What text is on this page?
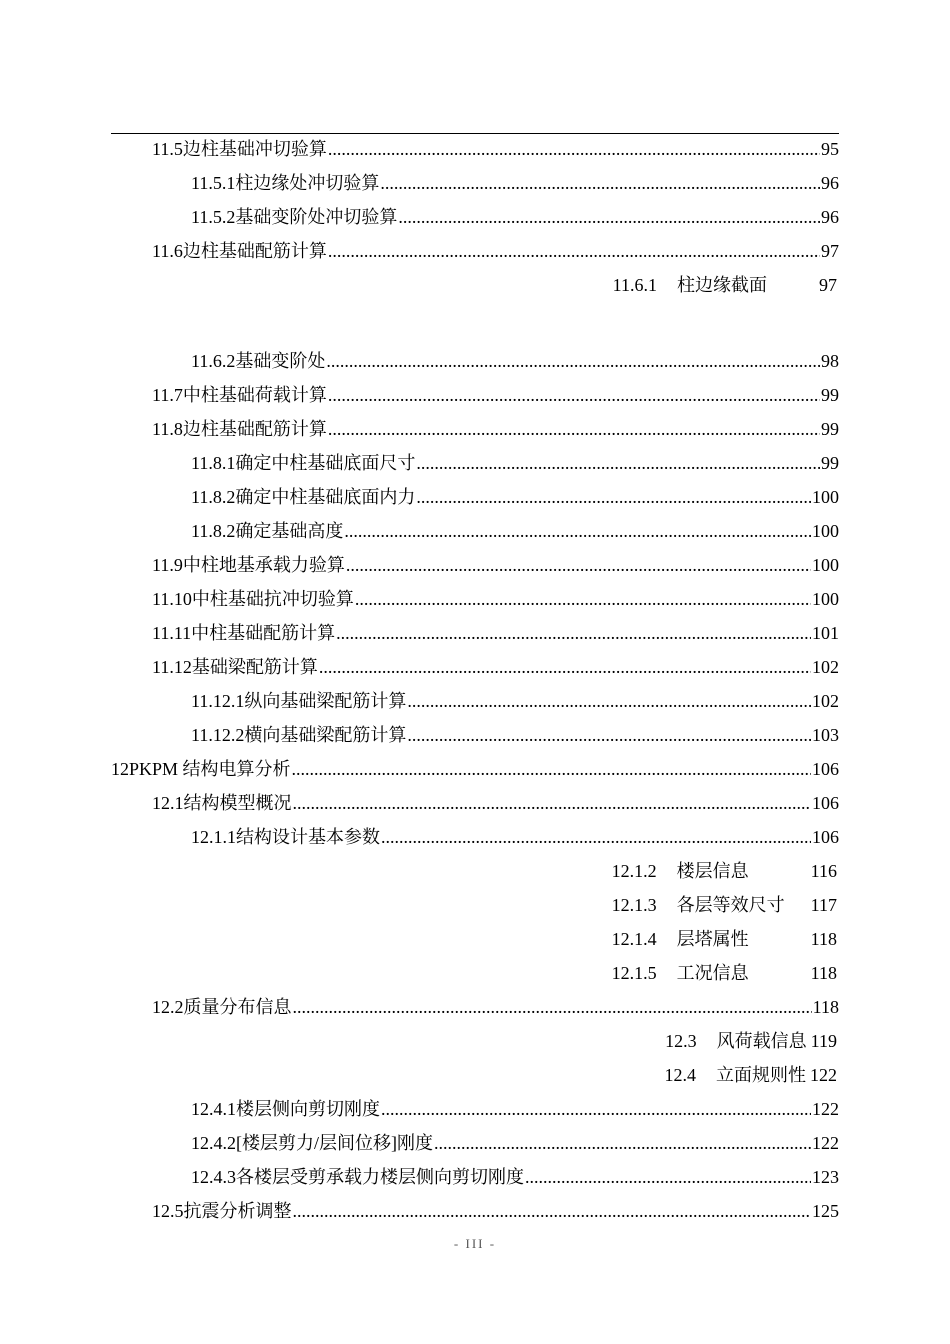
11.5 边柱基础冲切验算 .....	95
11.5.1 柱边缘处冲切验算 .....	96
11.5.2 基础变阶处冲切验算 .....	96
11.6 边柱基础配筋计算 .....	97
11.6.1 柱边缘截面	97
11.6.2 基础变阶处 .....	98
11.7 中柱基础荷载计算 .....	99
11.8 边柱基础配筋计算 .....	99
11.8.1 确定中柱基础底面尺寸 .....	99
11.8.2 确定中柱基础底面内力 .....	100
11.8.2 确定基础高度 .....	100
11.9 中柱地基承载力验算 .....	100
11.10 中柱基础抗冲切验算 .....	100
11.11 中柱基础配筋计算 .....	101
11.12 基础梁配筋计算 .....	102
11.12.1 纵向基础梁配筋计算 .....	102
11.12.2 横向基础梁配筋计算 .....	103
12 PKPM 结构电算分析 .....	106
12.1 结构模型概况 .....	106
12.1.1 结构设计基本参数 .....	106
12.1.2 楼层信息	116
12.1.3 各层等效尺寸 117
12.1.4 层塔属性	118
12.1.5 工况信息	118
12.2 质量分布信息 .....	118
12.3 风荷载信息 119
12.4 立面规则性 122
12.4.1 楼层侧向剪切刚度 .....	122
12.4.2 [楼层剪力/层间位移]刚度 .....	122
12.4.3 各楼层受剪承载力楼层侧向剪切刚度 .....	123
12.5 抗震分析调整 .....	125
- III -
